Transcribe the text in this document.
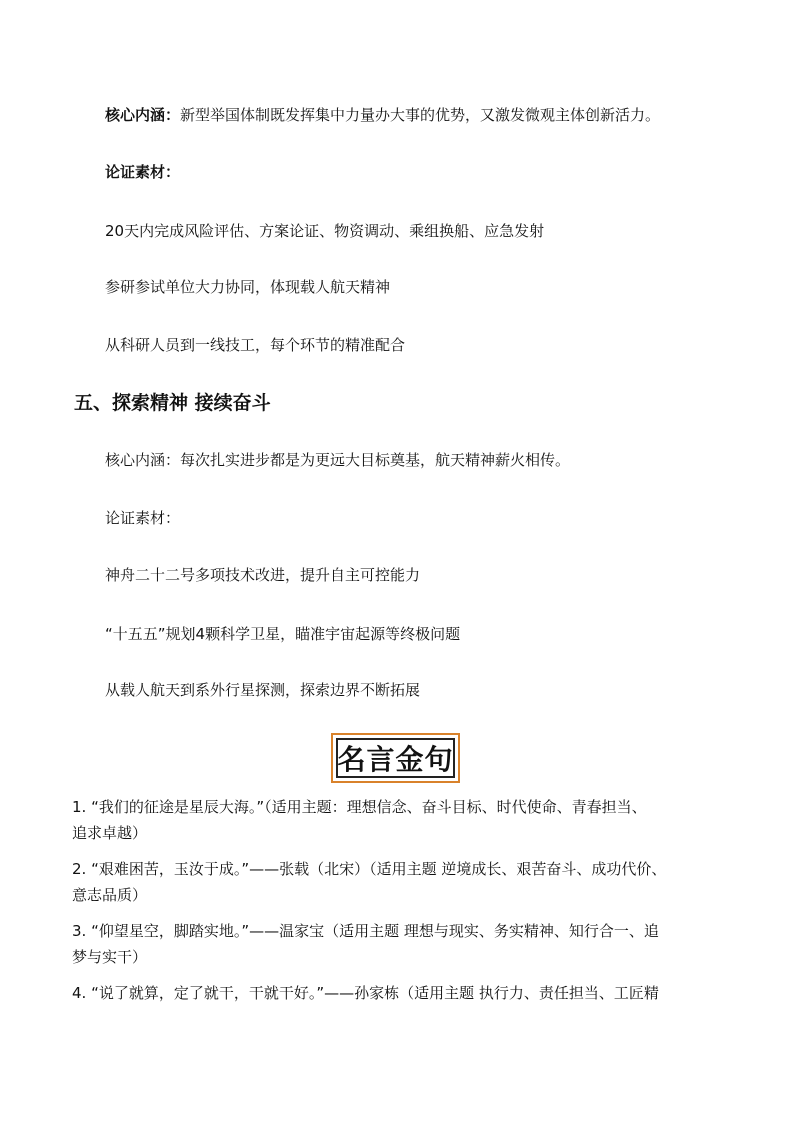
核心内涵：新型举国体制既发挥集中力量办大事的优势，又激发微观主体创新活力。
论证素材：
20天内完成风险评估、方案论证、物资调动、乘组换船、应急发射
参研参试单位大力协同，体现载人航天精神
从科研人员到一线技工，每个环节的精准配合
五、探索精神 接续奋斗
核心内涵：每次扎实进步都是为更远大目标奠基，航天精神薪火相传。
论证素材：
神舟二十二号多项技术改进，提升自主可控能力
“十五五”规划4颗科学卫星，瞄准宇宙起源等终极问题
从载人航天到系外行星探测，探索边界不断拓展
名言金句
1. “我们的征途是星辰大海。”（适用主题：理想信念、奋斗目标、时代使命、青春担当、
追求卓越）
2. “艰难困苦，玉汝于成。”——张载（北宋）（适用主题 逆境成长、艰苦奋斗、成功代价、
意志品质）
3. “仰望星空，脚踏实地。”——温家宝（适用主题 理想与现实、务实精神、知行合一、追
梦与实干）
4. “说了就算，定了就干，干就干好。”——孙家栋（适用主题 执行力、责任担当、工匠精
